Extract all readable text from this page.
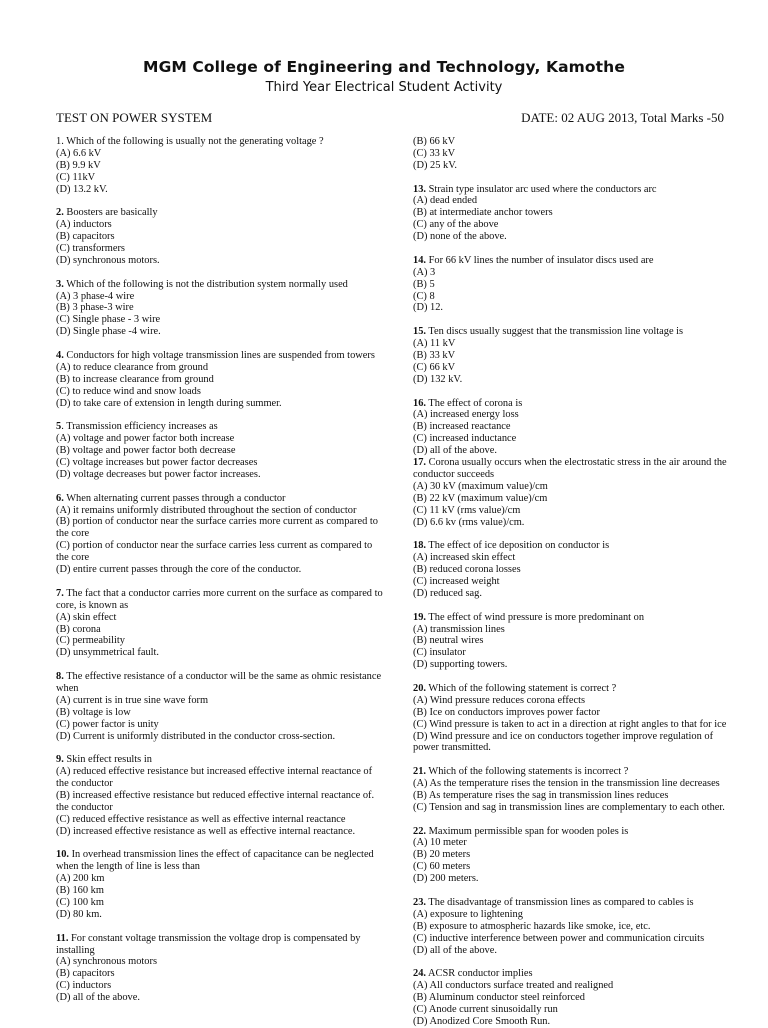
MGM College of Engineering and Technology, Kamothe
Third Year Electrical Student Activity
TEST ON POWER SYSTEM	DATE: 02 AUG 2013, Total Marks -50

1. Which of the following is usually not the generating voltage ?

(A) 6.6 kV

(B) 9.9 kV

(C) 11kV

(D) 13.2 kV.

2. Boosters are basically

(A) inductors

(B) capacitors

(C) transformers

(D) synchronous motors.

3. Which of the following is not the distribution system normally used

(A) 3 phase-4 wire

(B) 3 phase-3 wire

(C) Single phase - 3 wire

(D) Single phase -4 wire.

4. Conductors for high voltage transmission lines are suspended from towers

(A) to reduce clearance from ground

(B) to increase clearance from ground

(C) to reduce wind and snow loads

(D) to take care of extension in length during summer.

5. Transmission efficiency increases as

(A) voltage and power factor both increase

(B) voltage and power factor both decrease

(C) voltage increases but power factor decreases

(D) voltage decreases but power factor increases.

6. When alternating current passes through a conductor

(A) it remains uniformly distributed throughout the section of conductor

(B) portion of conductor near the surface carries more current as compared to the core

(C) portion of conductor near the surface carries less current as compared to the core

(D) entire current passes through the core of the conductor.

7. The fact that a conductor carries more current on the surface as compared to core, is known as

(A) skin effect

(B) corona

(C) permeability

(D) unsymmetrical fault.

8. The effective resistance of a conductor will be the same as ohmic resistance when

(A) current is in true sine wave form

(B) voltage is low

(C) power factor is unity

(D) Current is uniformly distributed in the conductor cross-section.

9. Skin effect results in

(A) reduced effective resistance but increased effective internal reactance of the conductor

(B) increased effective resistance but reduced effective internal reactance of. the conductor

(C) reduced effective resistance as well as effective internal reactance

(D) increased effective resistance as well as effective internal reactance.

10. In overhead transmission lines the effect of capacitance can be neglected when the length of line is less than

(A) 200 km

(B) 160 km

(C) 100 km

(D) 80 km.

11. For constant voltage transmission the voltage drop is compensated by installing

(A) synchronous motors

(B) capacitors

(C) inductors

(D) all of the above.

(B) 66 kV

(C) 33 kV

(D) 25 kV.

13. Strain type insulator arc used where the conductors arc

(A) dead ended

(B) at intermediate anchor towers

(C) any of the above

(D) none of the above.

14. For 66 kV lines the number of insulator discs used are

(A) 3

(B) 5

(C) 8

(D) 12.

15. Ten discs usually suggest that the transmission line voltage is

(A) 11 kV

(B) 33 kV

(C) 66 kV

(D) 132 kV.

16. The effect of corona is

(A) increased energy loss

(B) increased reactance

(C) increased inductance

(D) all of the above.

17. Corona usually occurs when the electrostatic stress in the air around the conductor succeeds

(A) 30 kV (maximum value)/cm

(B) 22 kV (maximum value)/cm

(C) 11 kV (rms value)/cm

(D) 6.6 kv (rms value)/cm.

18. The effect of ice deposition on conductor is

(A) increased skin effect

(B) reduced corona losses

(C) increased weight

(D) reduced sag.

19. The effect of wind pressure is more predominant on

(A) transmission lines

(B) neutral wires

(C) insulator

(D) supporting towers.

20. Which of the following statement is correct ?

(A) Wind pressure reduces corona effects

(B) Ice on conductors improves power factor

(C) Wind pressure is taken to act in a direction at right angles to that for ice

(D) Wind pressure and ice on conductors together improve regulation of power transmitted.

21. Which of the following statements is incorrect ?

(A) As the temperature rises the tension in the transmission line decreases

(B) As temperature rises the sag in transmission lines reduces

(C) Tension and sag in transmission lines are complementary to each other.

22. Maximum permissible span for wooden poles is

(A) 10 meter

(B) 20 meters

(C) 60 meters

(D) 200 meters.

23. The disadvantage of transmission lines as compared to cables is

(A) exposure to lightening

(B) exposure to atmospheric hazards like smoke, ice, etc.

(C) inductive interference between power and communication circuits

(D) all of the above.

24. ACSR conductor implies

(A) All conductors surface treated and realigned

(B) Aluminum conductor steel reinforced

(C) Anode current sinusoidally run

(D) Anodized Core Smooth Run.
